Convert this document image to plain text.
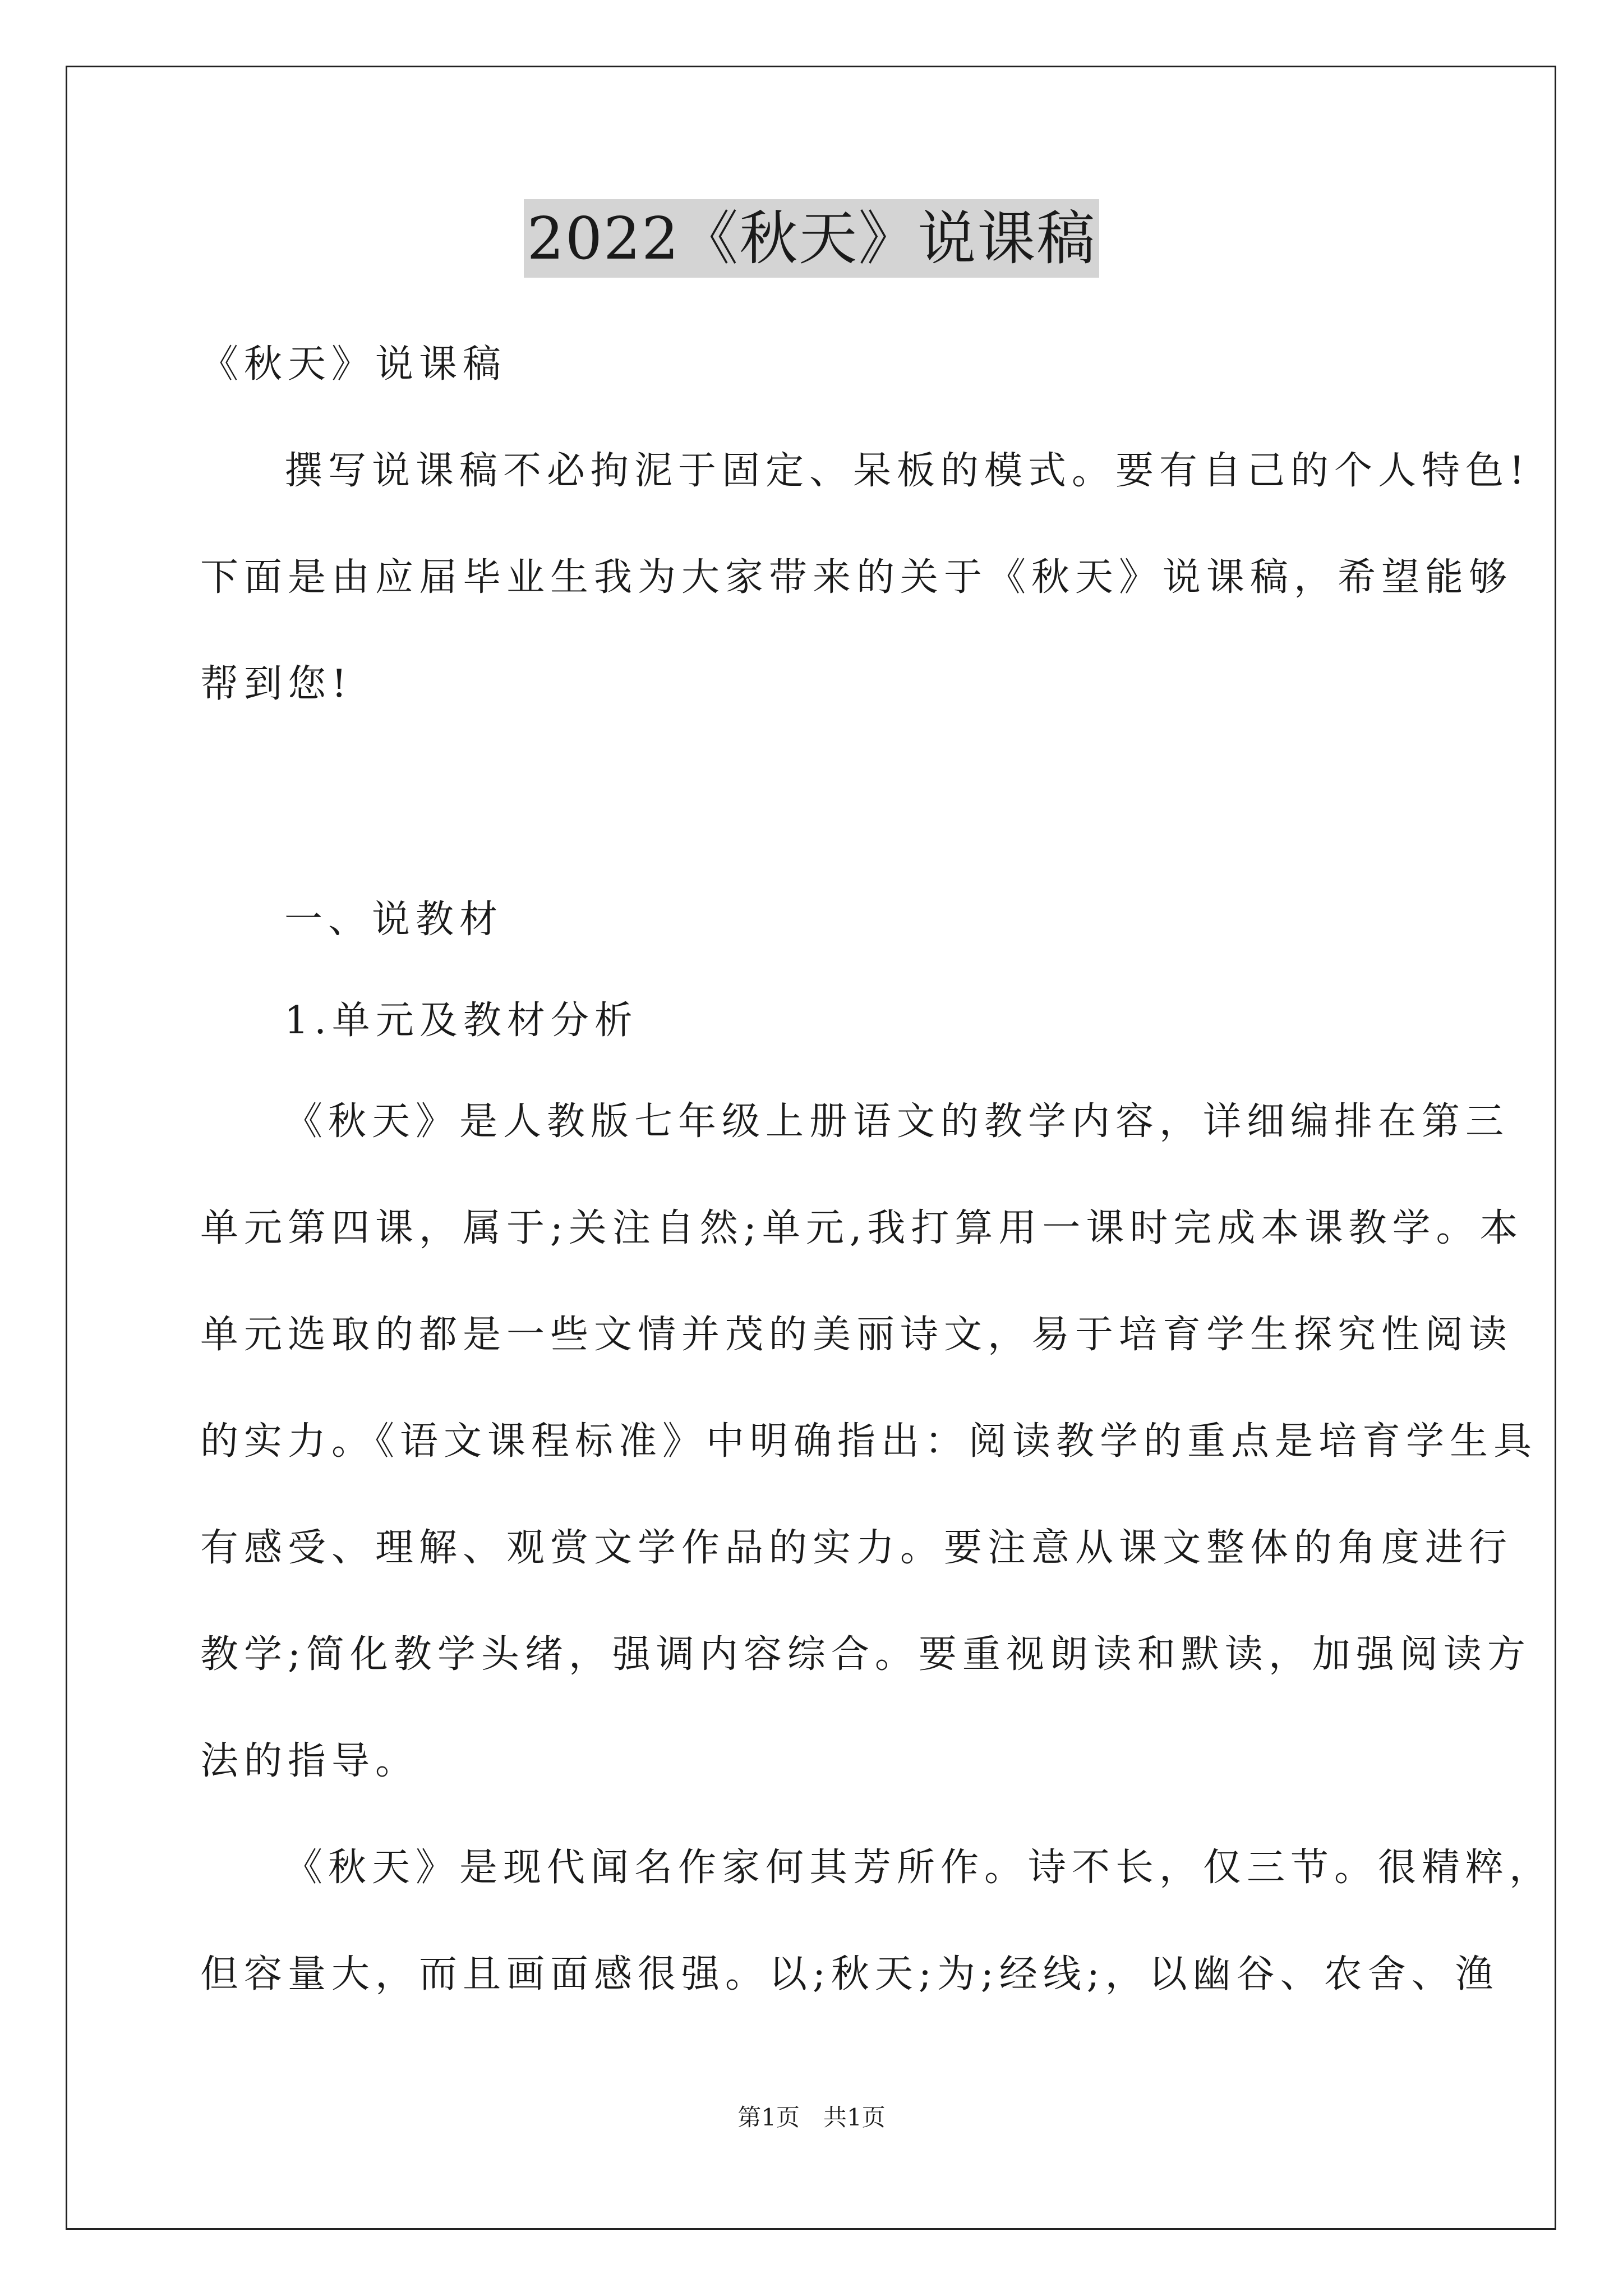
2022《秋天》说课稿
《秋天》说课稿
撰写说课稿不必拘泥于固定、呆板的模式。要有自己的个人特色!
下面是由应届毕业生我为大家带来的关于《秋天》说课稿，希望能够
帮到您!
一、说教材
1.单元及教材分析
《秋天》是人教版七年级上册语文的教学内容，详细编排在第三
单元第四课，属于;关注自然;单元,我打算用一课时完成本课教学。本
单元选取的都是一些文情并茂的美丽诗文，易于培育学生探究性阅读
的实力。《语文课程标准》中明确指出：阅读教学的重点是培育学生具
有感受、理解、观赏文学作品的实力。要注意从课文整体的角度进行
教学;简化教学头绪，强调内容综合。要重视朗读和默读，加强阅读方
法的指导。
《秋天》是现代闻名作家何其芳所作。诗不长，仅三节。很精粹，
但容量大，而且画面感很强。以;秋天;为;经线;，以幽谷、农舍、渔
第1页　共1页
